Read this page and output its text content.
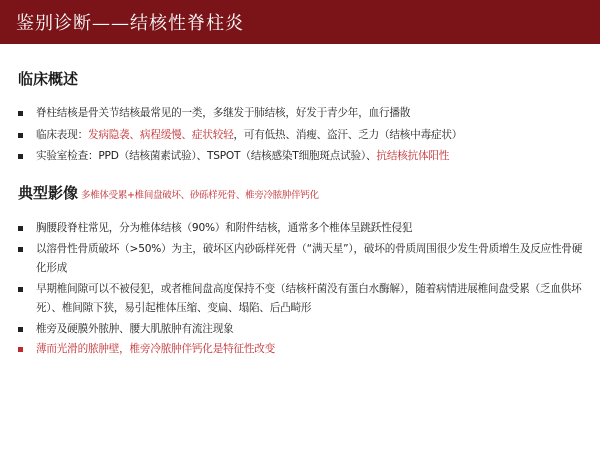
鉴别诊断——结核性脊柱炎
临床概述
脊柱结核是骨关节结核最常见的一类，多继发于肺结核，好发于青少年，血行播散
临床表现：发病隐袭、病程缓慢、症状较轻，可有低热、消瘦、盗汗、乏力（结核中毒症状）
实验室检查：PPD（结核菌素试验）、TSPOT（结核感染T细胞斑点试验）、抗结核抗体阳性
典型影像 多椎体受累+椎间盘破坏、砂砾样死骨、椎旁冷脓肿伴钙化
胸腰段脊柱常见，分为椎体结核（90%）和附件结核，通常多个椎体呈跳跃性侵犯
以溶骨性骨质破坏（>50%）为主，破坏区内砂砾样死骨（“满天星”），破坏的骨质周围很少发生骨质增生及反应性骨硬化形成
早期椎间隙可以不被侵犯，或者椎间盘高度保持不变（结核杆菌没有蛋白水酶解），随着病情进展椎间盘受累（乏血供坏死）、椎间隙下狭，易引起椎体压缩、变扁、塌陷、后凸畸形
椎旁及硬膜外脓肿、腰大肌脓肿有流注现象
薄而光滑的脓肿壁，椎旁冷脓肿伴钙化是特征性改变
